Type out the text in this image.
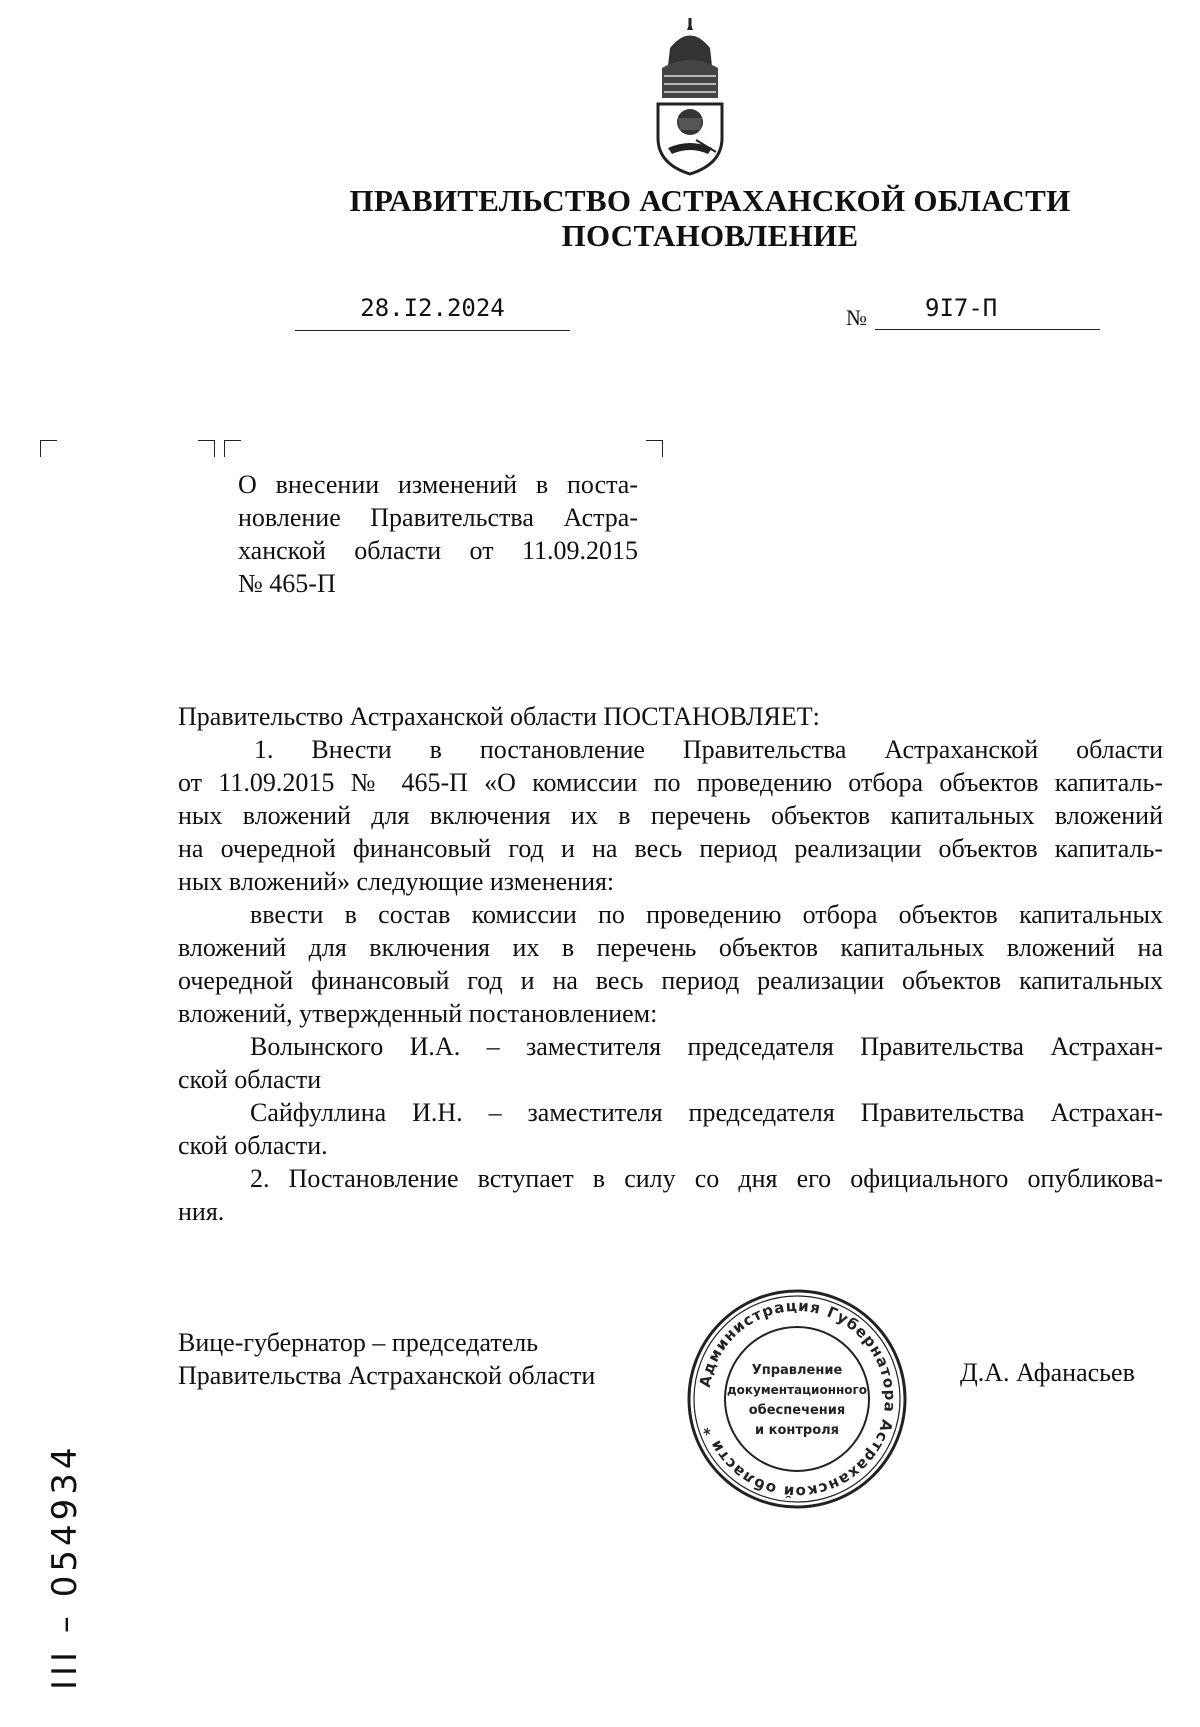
ПРАВИТЕЛЬСТВО АСТРАХАНСКОЙ ОБЛАСТИ
ПОСТАНОВЛЕНИЕ
28.I2.2024	№	9I7-П
О внесении изменений в поста-
новление Правительства Астра-
ханской области от 11.09.2015
№ 465-П

Правительство Астраханской области ПОСТАНОВЛЯЕТ:

1. Внести в постановление Правительства Астраханской области

от 11.09.2015 № 465-П «О комиссии по проведению отбора объектов капиталь-

ных вложений для включения их в перечень объектов капитальных вложений

на очередной финансовый год и на весь период реализации объектов капиталь-

ных вложений» следующие изменения:

ввести в состав комиссии по проведению отбора объектов капитальных

вложений для включения их в перечень объектов капитальных вложений на

очередной финансовый год и на весь период реализации объектов капитальных

вложений, утвержденный постановлением:

Волынского И.А. – заместителя председателя Правительства Астрахан-

ской области

Сайфуллина И.Н. – заместителя председателя Правительства Астрахан-

ской области.

2. Постановление вступает в силу со дня его официального опубликова-

ния.

Вице-губернатор – председатель
Правительства Астраханской области	Д.А. Афанасьев
Администрация Губернатора Астраханской области *
Управление
документационного
обеспечения
и контроля
III – 054934
